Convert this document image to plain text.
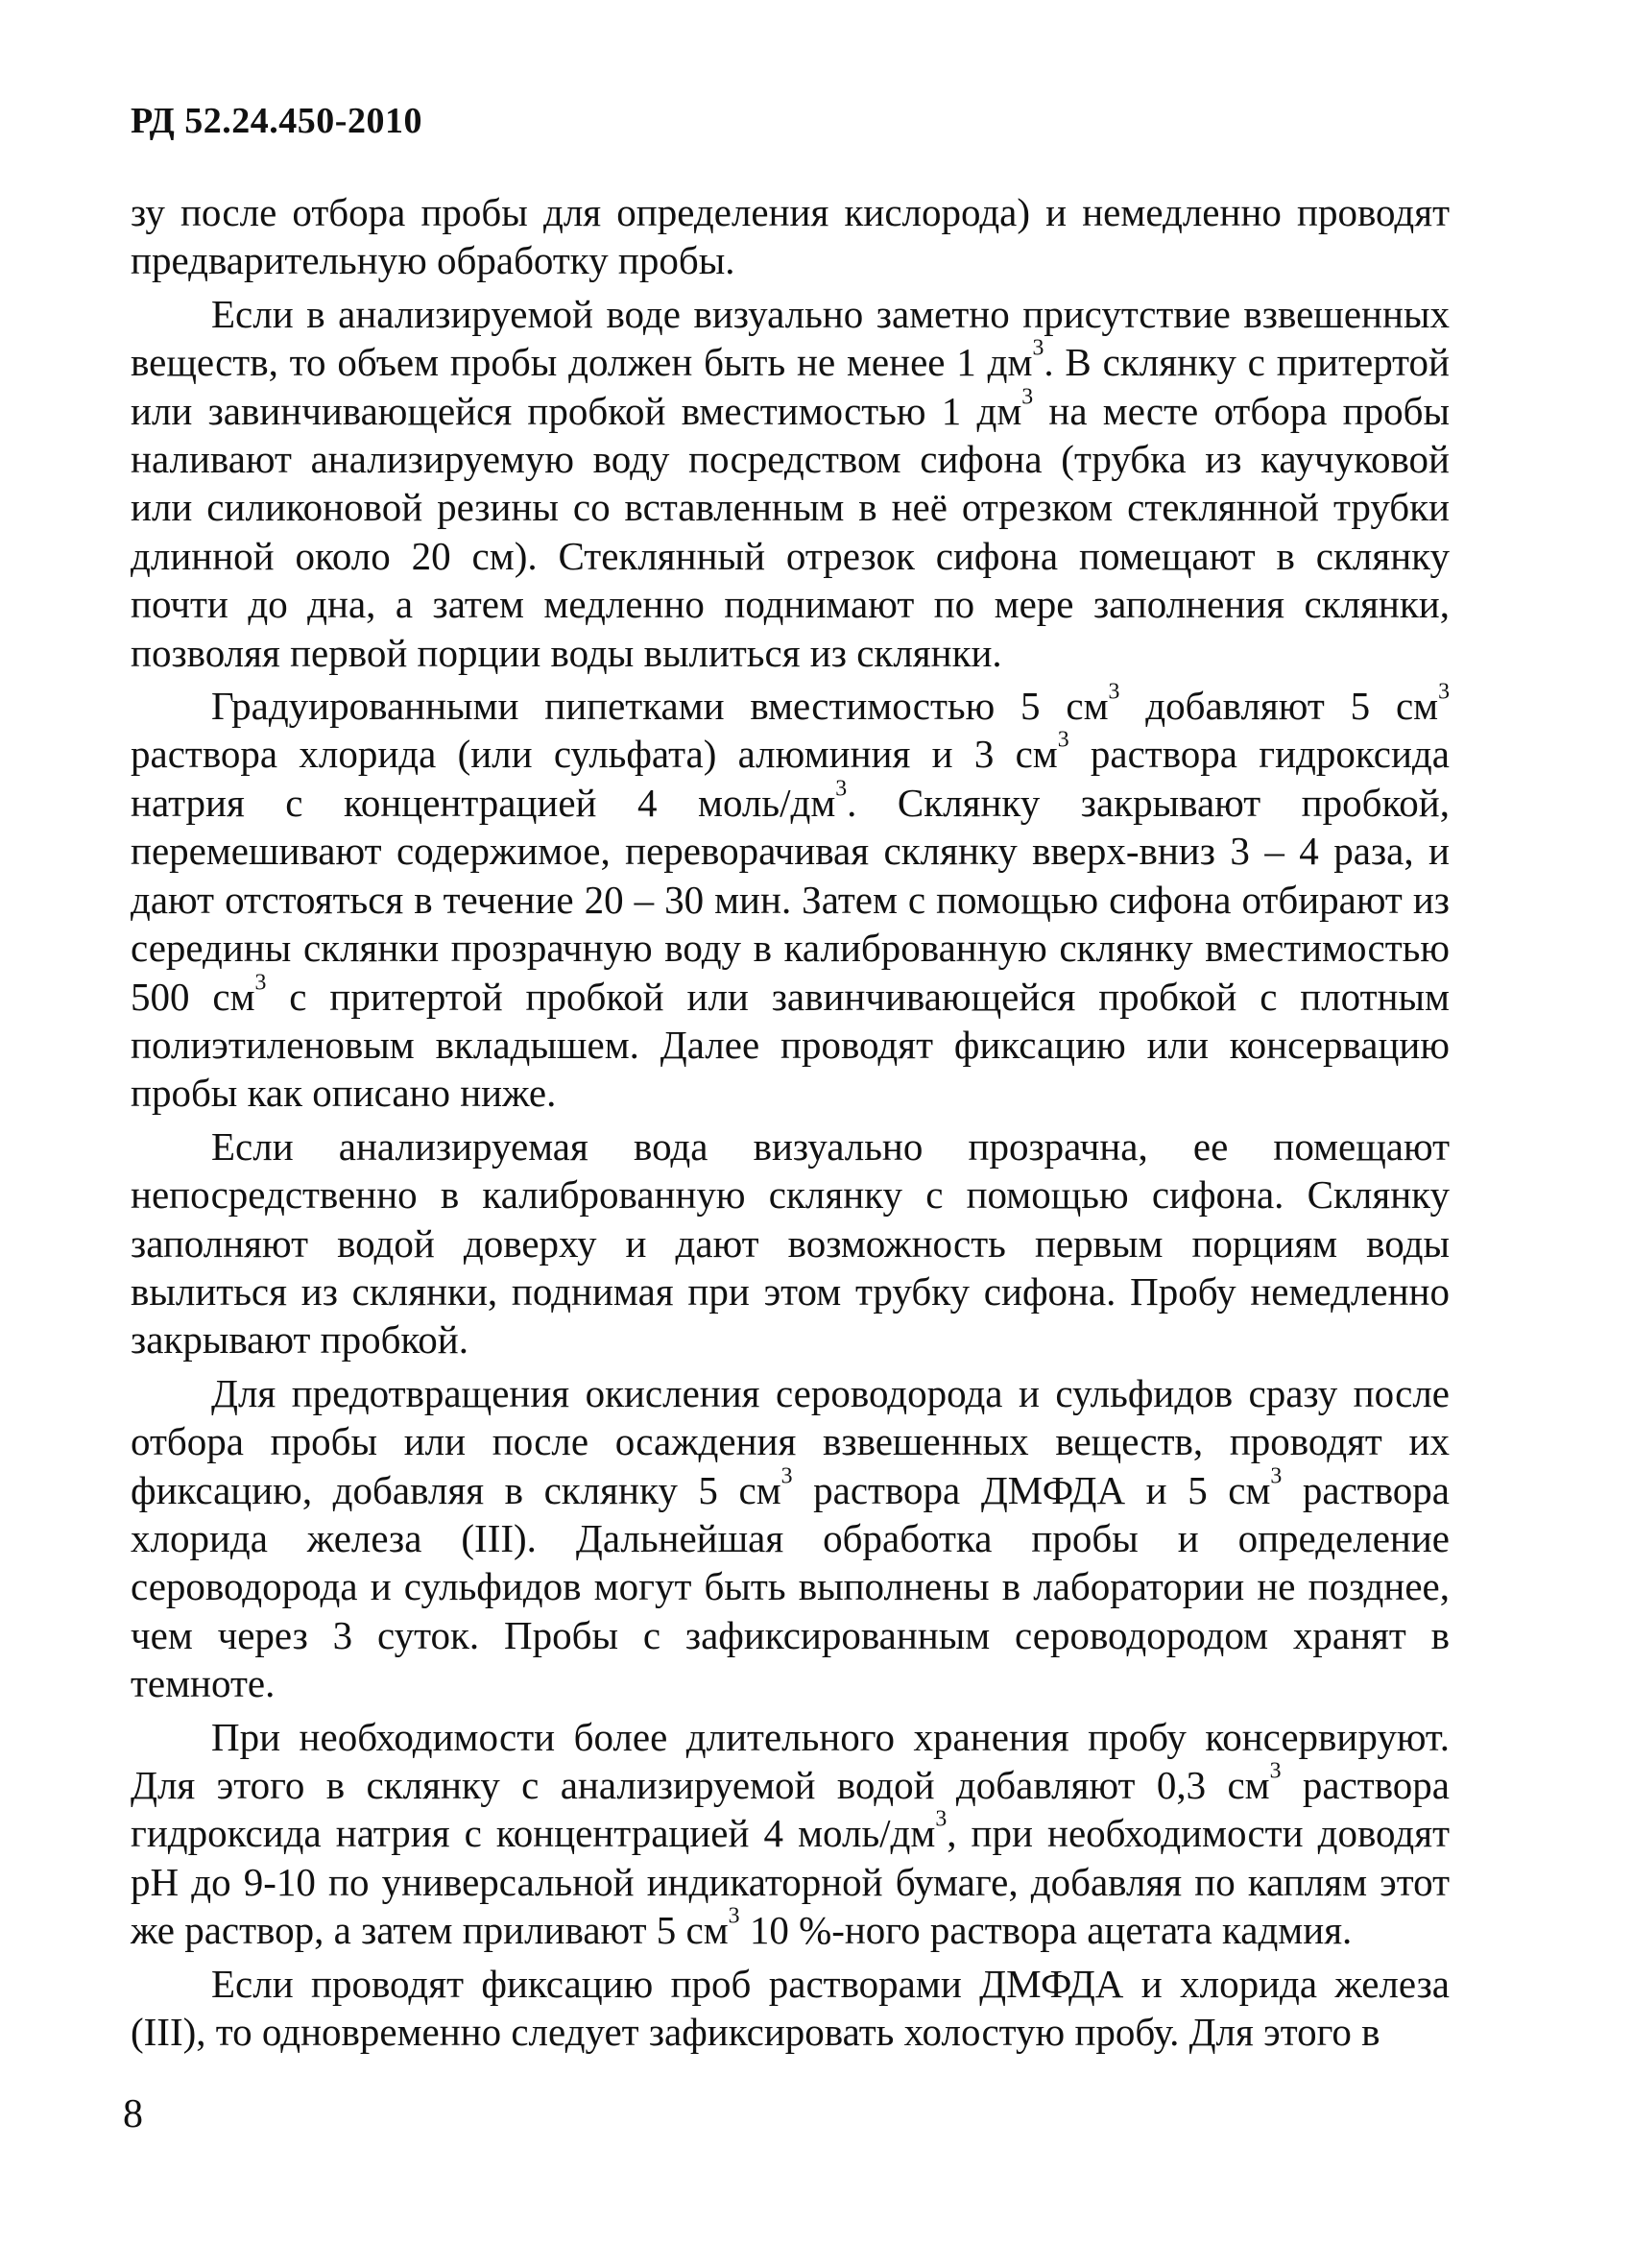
РД 52.24.450-2010

зу после отбора пробы для определения кислорода) и немедленно проводят предварительную обработку пробы.

Если в анализируемой воде визуально заметно присутствие взвешенных веществ, то объем пробы должен быть не менее 1 $дм^3$. В склянку с притертой или завинчивающейся пробкой вместимостью 1 $дм^3$ на месте отбора пробы наливают анализируемую воду посредством сифона (трубка из каучуковой или силиконовой резины со вставленным в неё отрезком стеклянной трубки длинной около 20 см). Стеклянный отрезок сифона помещают в склянку почти до дна, а затем медленно поднимают по мере заполнения склянки, позволяя первой порции воды вылиться из склянки.

Градуированными пипетками вместимостью 5 $см^3$ добавляют 5 $см^3$ раствора хлорида (или сульфата) алюминия и 3 $см^3$ раствора гидроксида натрия с концентрацией 4 моль/$дм^3$. Склянку закрывают пробкой, перемешивают содержимое, переворачивая склянку вверх-вниз 3 – 4 раза, и дают отстояться в течение 20 – 30 мин. Затем с помощью сифона отбирают из середины склянки прозрачную воду в калиброванную склянку вместимостью 500 $см^3$ с притертой пробкой или завинчивающейся пробкой с плотным полиэтиленовым вкладышем. Далее проводят фиксацию или консервацию пробы как описано ниже.

Если анализируемая вода визуально прозрачна, ее помещают непосредственно в калиброванную склянку с помощью сифона. Склянку заполняют водой доверху и дают возможность первым порциям воды вылиться из склянки, поднимая при этом трубку сифона. Пробу немедленно закрывают пробкой.

Для предотвращения окисления сероводорода и сульфидов сразу после отбора пробы или после осаждения взвешенных веществ, проводят их фиксацию, добавляя в склянку 5 $см^3$ раствора ДМФДА и 5 $см^3$ раствора хлорида железа (III). Дальнейшая обработка пробы и определение сероводорода и сульфидов могут быть выполнены в лаборатории не позднее, чем через 3 суток. Пробы с зафиксированным сероводородом хранят в темноте.

При необходимости более длительного хранения пробу консервируют. Для этого в склянку с анализируемой водой добавляют 0,3 $см^3$ раствора гидроксида натрия с концентрацией 4 моль/$дм^3$, при необходимости доводят pH до 9-10 по универсальной индикаторной бумаге, добавляя по каплям этот же раствор, а затем приливают 5 $см^3$ 10 %-ного раствора ацетата кадмия.

Если проводят фиксацию проб растворами ДМФДА и хлорида железа (III), то одновременно следует зафиксировать холостую пробу. Для этого в

8
